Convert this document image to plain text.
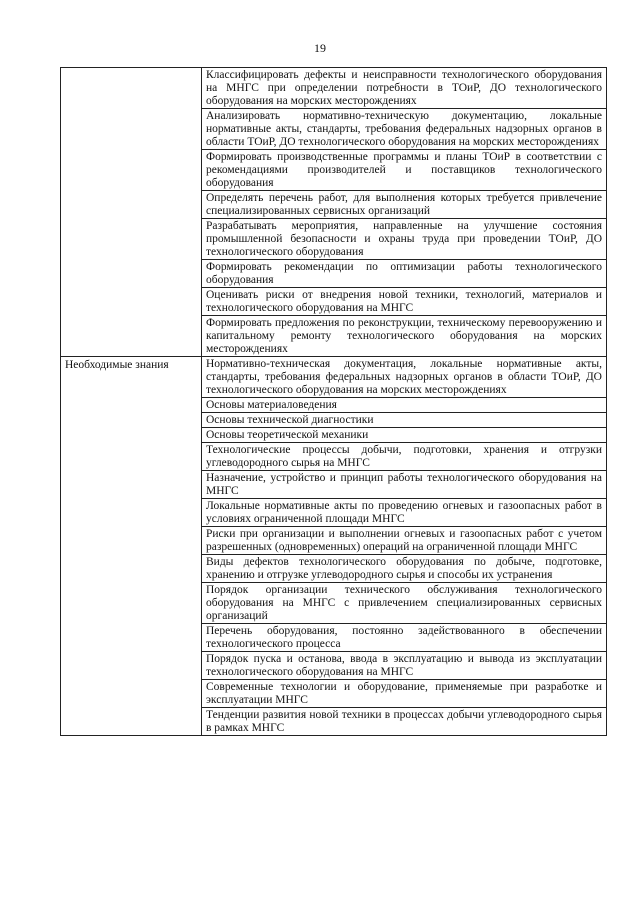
19
	Классифицировать дефекты и неисправности технологического оборудования на МНГС при определении потребности в ТОиР, ДО технологического оборудования на морских месторождениях
	Анализировать нормативно-техническую документацию, локальные нормативные акты, стандарты, требования федеральных надзорных органов в области ТОиР, ДО технологического оборудования на морских месторождениях
	Формировать производственные программы и планы ТОиР в соответствии с рекомендациями производителей и поставщиков технологического оборудования
	Определять перечень работ, для выполнения которых требуется привлечение специализированных сервисных организаций
	Разрабатывать мероприятия, направленные на улучшение состояния промышленной безопасности и охраны труда при проведении ТОиР, ДО технологического оборудования
	Формировать рекомендации по оптимизации работы технологического оборудования
	Оценивать риски от внедрения новой техники, технологий, материалов и технологического оборудования на МНГС
	Формировать предложения по реконструкции, техническому перевооружению и капитальному ремонту технологического оборудования на морских месторождениях
Необходимые знания	Нормативно-техническая документация, локальные нормативные акты, стандарты, требования федеральных надзорных органов в области ТОиР, ДО технологического оборудования на морских месторождениях
	Основы материаловедения
	Основы технической диагностики
	Основы теоретической механики
	Технологические процессы добычи, подготовки, хранения и отгрузки углеводородного сырья на МНГС
	Назначение, устройство и принцип работы технологического оборудования на МНГС
	Локальные нормативные акты по проведению огневых и газоопасных работ в условиях ограниченной площади МНГС
	Риски при организации и выполнении огневых и газоопасных работ с учетом разрешенных (одновременных) операций на ограниченной площади МНГС
	Виды дефектов технологического оборудования по добыче, подготовке, хранению и отгрузке углеводородного сырья и способы их устранения
	Порядок организации технического обслуживания технологического оборудования на МНГС с привлечением специализированных сервисных организаций
	Перечень оборудования, постоянно задействованного в обеспечении технологического процесса
	Порядок пуска и останова, ввода в эксплуатацию и вывода из эксплуатации технологического оборудования на МНГС
	Современные технологии и оборудование, применяемые при разработке и эксплуатации МНГС
	Тенденции развития новой техники в процессах добычи углеводородного сырья в рамках МНГС
